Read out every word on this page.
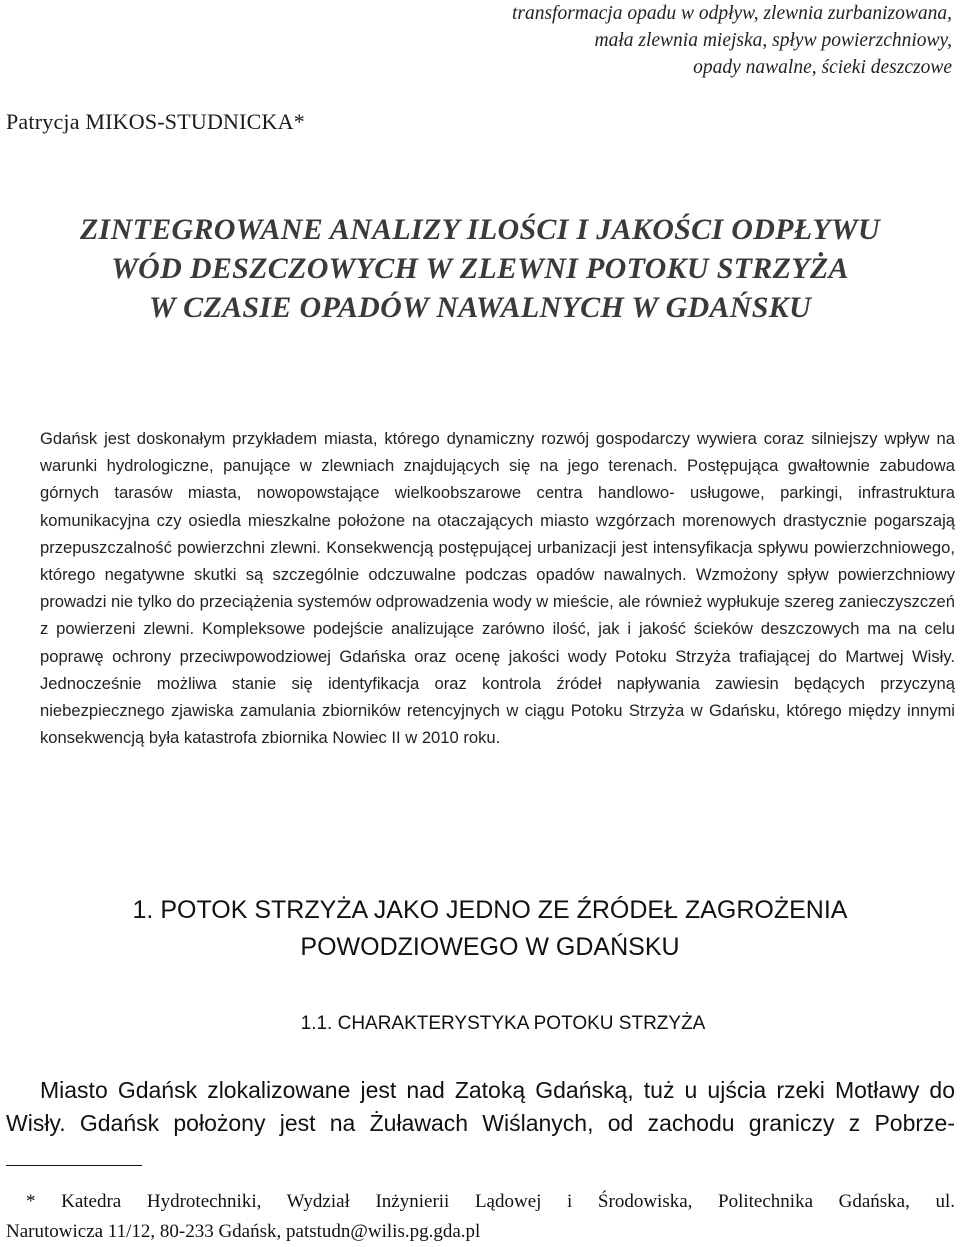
transformacja opadu w odpływ, zlewnia zurbanizowana,
mała zlewnia miejska, spływ powierzchniowy,
opady nawalne, ścieki deszczowe
Patrycja MIKOS-STUDNICKA*
ZINTEGROWANE ANALIZY ILOŚCI I JAKOŚCI ODPŁYWU
WÓD DESZCZOWYCH W ZLEWNI POTOKU STRZYŻA
W CZASIE OPADÓW NAWALNYCH W GDAŃSKU
Gdańsk jest doskonałym przykładem miasta, którego dynamiczny rozwój gospodarczy wywiera coraz silniejszy wpływ na warunki hydrologiczne, panujące w zlewniach znajdujących się na jego terenach. Postępująca gwałtownie zabudowa górnych tarasów miasta, nowopowstające wielkoobszarowe centra handlowo- usługowe, parkingi, infrastruktura komunikacyjna czy osiedla mieszkalne położone na otaczających miasto wzgórzach morenowych drastycznie pogarszają przepuszczalność powierzchni zlewni. Konsekwencją postępującej urbanizacji jest intensyfikacja spływu powierzchniowego, którego negatywne skutki są szczególnie odczuwalne podczas opadów nawalnych. Wzmożony spływ powierzchniowy prowadzi nie tylko do przeciążenia systemów odprowadzenia wody w mieście, ale również wypłukuje szereg zanieczyszczeń z powierzeni zlewni. Kompleksowe podejście analizujące zarówno ilość, jak i jakość ścieków deszczowych ma na celu poprawę ochrony przeciwpowodziowej Gdańska oraz ocenę jakości wody Potoku Strzyża trafiającej do Martwej Wisły. Jednocześnie możliwa stanie się identyfikacja oraz kontrola źródeł napływania zawiesin będących przyczyną niebezpiecznego zjawiska zamulania zbiorników retencyjnych w ciągu Potoku Strzyża w Gdańsku, którego między innymi konsekwencją była katastrofa zbiornika Nowiec II w 2010 roku.
1. POTOK STRZYŻA JAKO JEDNO ZE ŹRÓDEŁ ZAGROŻENIA
POWODZIOWEGO W GDAŃSKU
1.1. CHARAKTERYSTYKA POTOKU STRZYŻA
Miasto Gdańsk zlokalizowane jest nad Zatoką Gdańską, tuż u ujścia rzeki Motławy do
Wisły. Gdańsk położony jest na Żuławach Wiślanych, od zachodu graniczy z Pobrze-
* Katedra Hydrotechniki, Wydział Inżynierii Lądowej i Środowiska, Politechnika Gdańska, ul.
Narutowicza 11/12, 80-233 Gdańsk, patstudn@wilis.pg.gda.pl
